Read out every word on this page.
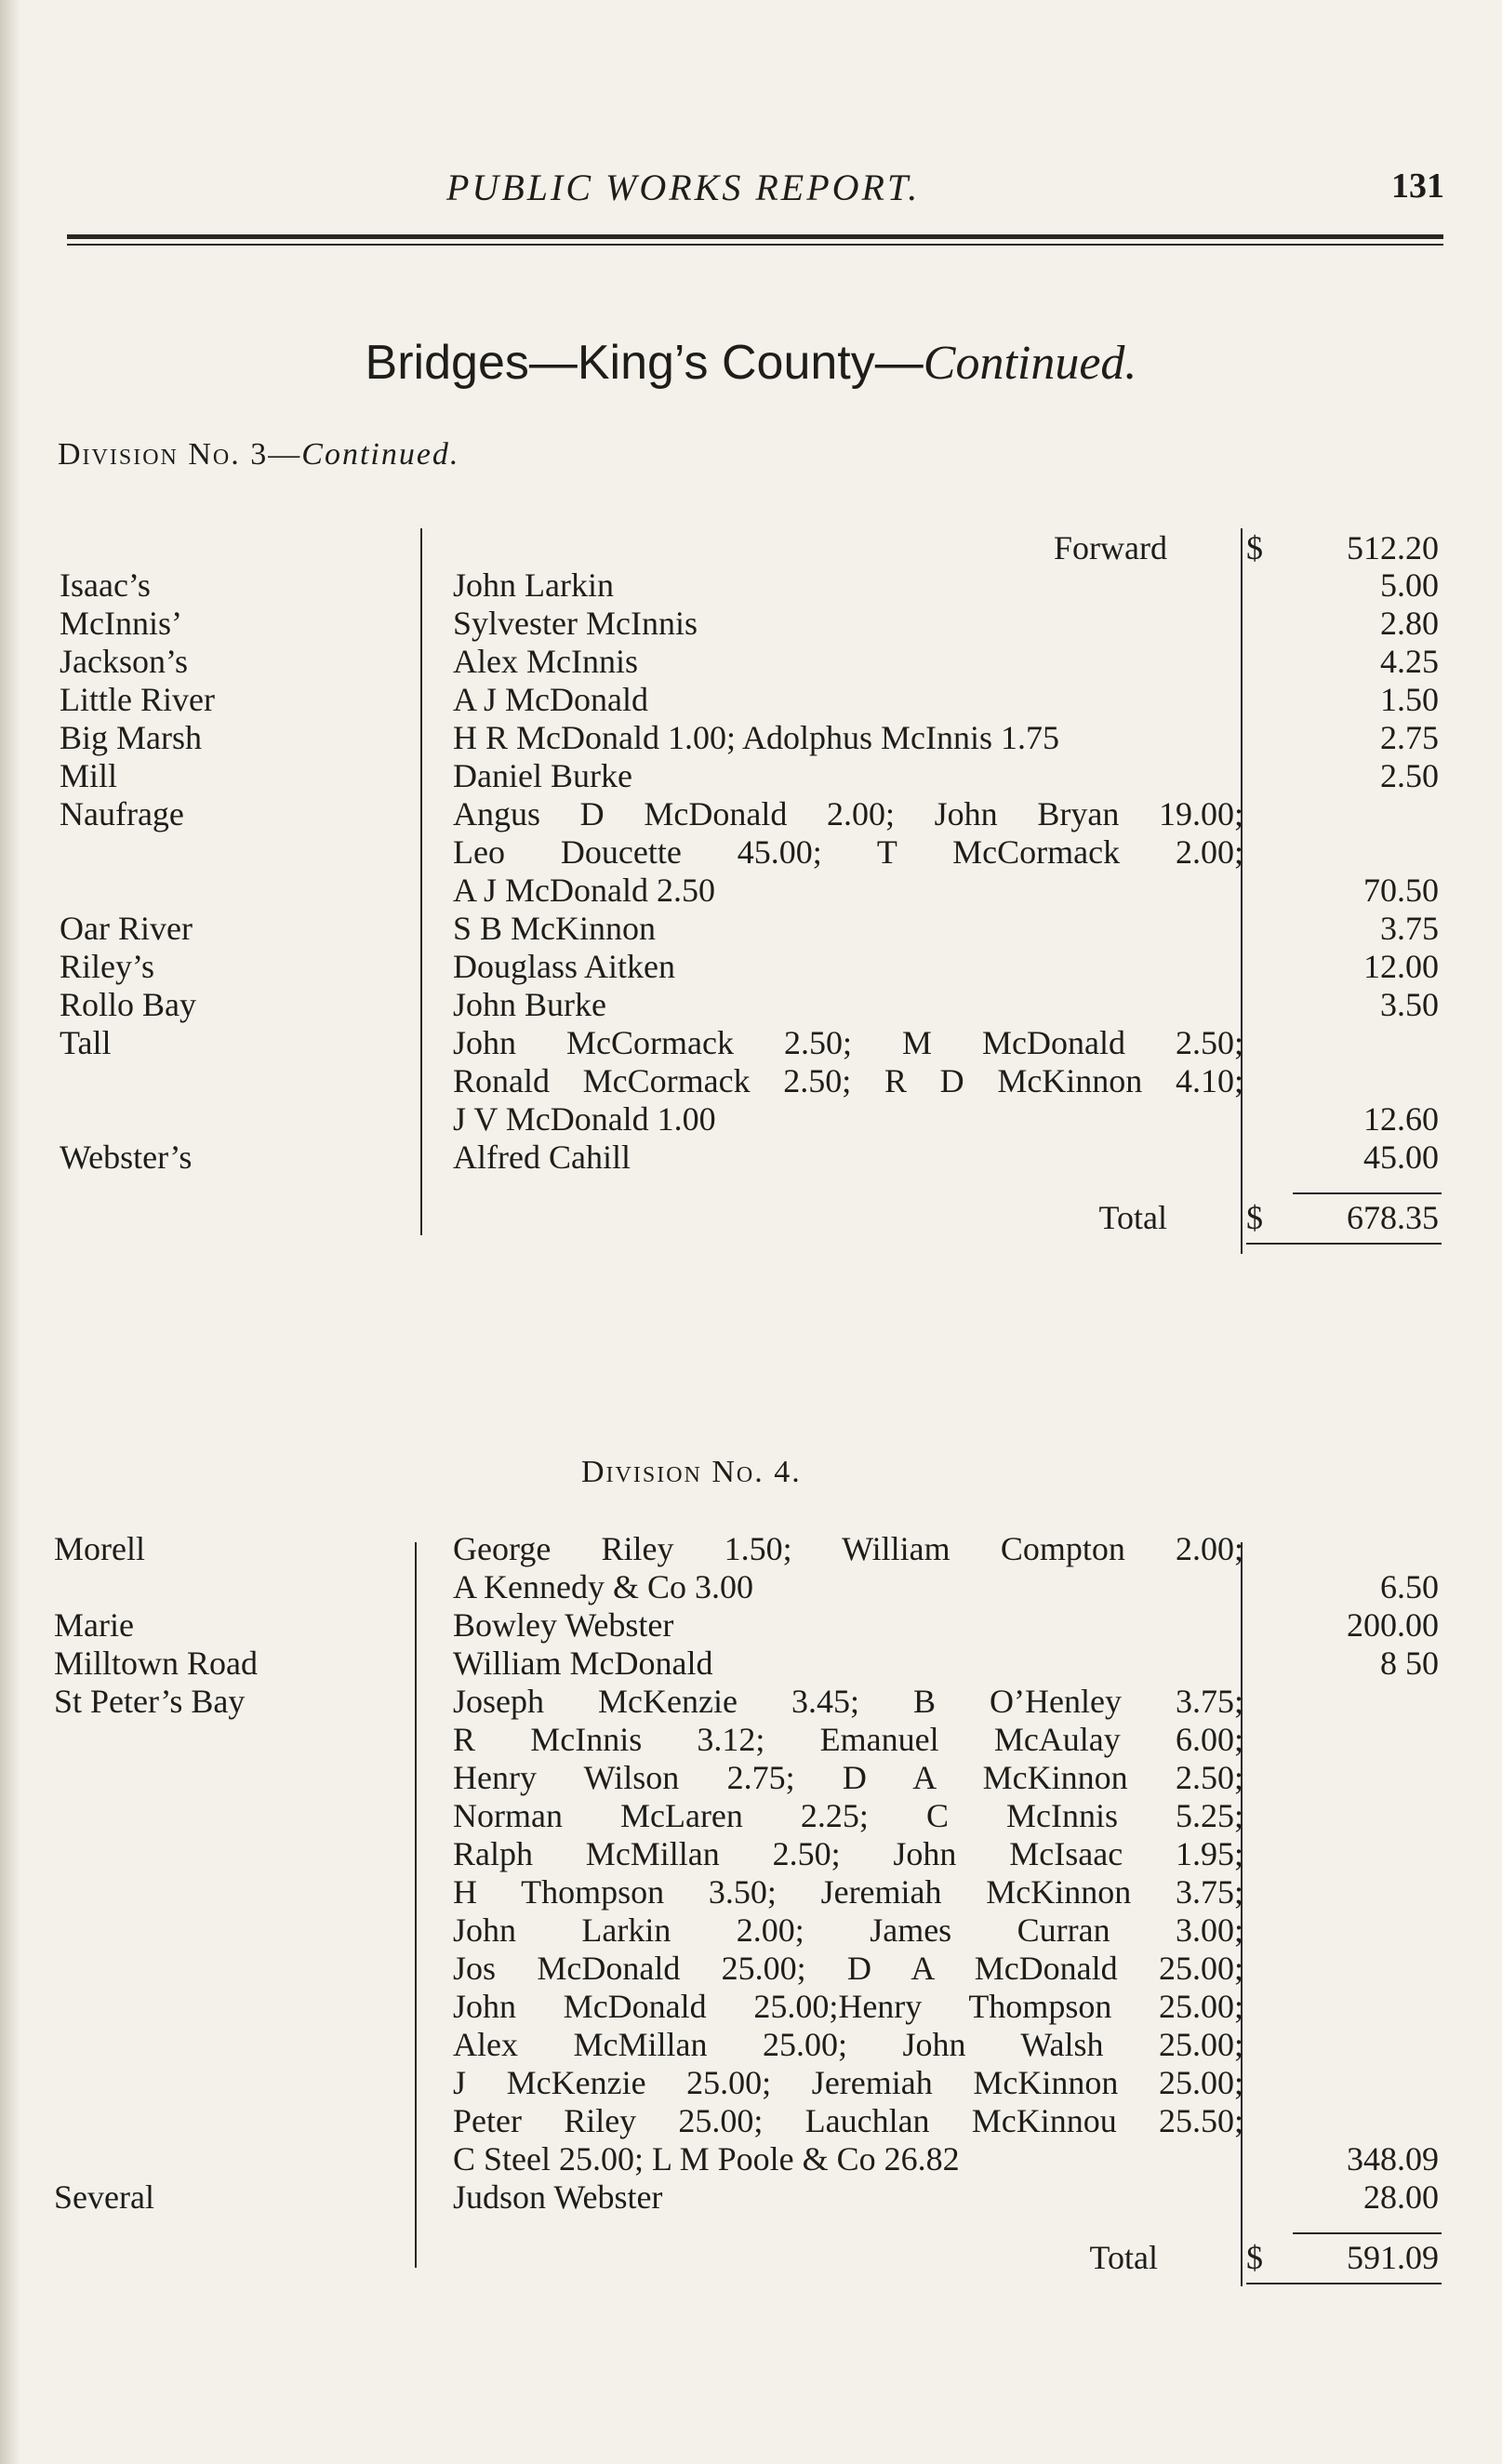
PUBLIC WORKS REPORT.	131
Bridges—King’s County—Continued.
Division No. 3—Continued.
Forward $	512.20
Isaac’s	John Larkin	5.00
McInnis’	Sylvester McInnis	2.80
Jackson’s	Alex McInnis	4.25
Little River	A J McDonald	1.50
Big Marsh	H R McDonald 1.00; Adolphus McInnis 1.75	2.75
Mill	Daniel Burke	2.50
Naufrage	Angus D McDonald 2.00; John Bryan 19.00;
Leo Doucette 45.00; T McCormack 2.00;
A J McDonald 2.50	70.50
Oar River	S B McKinnon	3.75
Riley’s	Douglass Aitken	12.00
Rollo Bay	John Burke	3.50
Tall	John McCormack 2.50; M McDonald 2.50;
Ronald McCormack 2.50; R D McKinnon 4.10;
J V McDonald 1.00	12.60
Webster’s	Alfred Cahill	45.00
Total $	678.35
Division No. 4.
Morell	George Riley 1.50; William Compton 2.00;
A Kennedy & Co 3.00	6.50
Marie	Bowley Webster	200.00
Milltown Road	William McDonald	8 50
St Peter’s Bay	Joseph McKenzie 3.45; B O’Henley 3.75;
R McInnis 3.12; Emanuel McAulay 6.00;
Henry Wilson 2.75; D A McKinnon 2.50;
Norman McLaren 2.25; C McInnis 5.25;
Ralph McMillan 2.50; John McIsaac 1.95;
H Thompson 3.50; Jeremiah McKinnon 3.75;
John Larkin 2.00; James Curran 3.00;
Jos McDonald 25.00; D A McDonald 25.00;
John McDonald 25.00;Henry Thompson 25.00;
Alex McMillan 25.00; John Walsh 25.00;
J McKenzie 25.00; Jeremiah McKinnon 25.00;
Peter Riley 25.00; Lauchlan McKinnou 25.50;
C Steel 25.00; L M Poole & Co 26.82	348.09
Several	Judson Webster	28.00
Total	$	591.09
